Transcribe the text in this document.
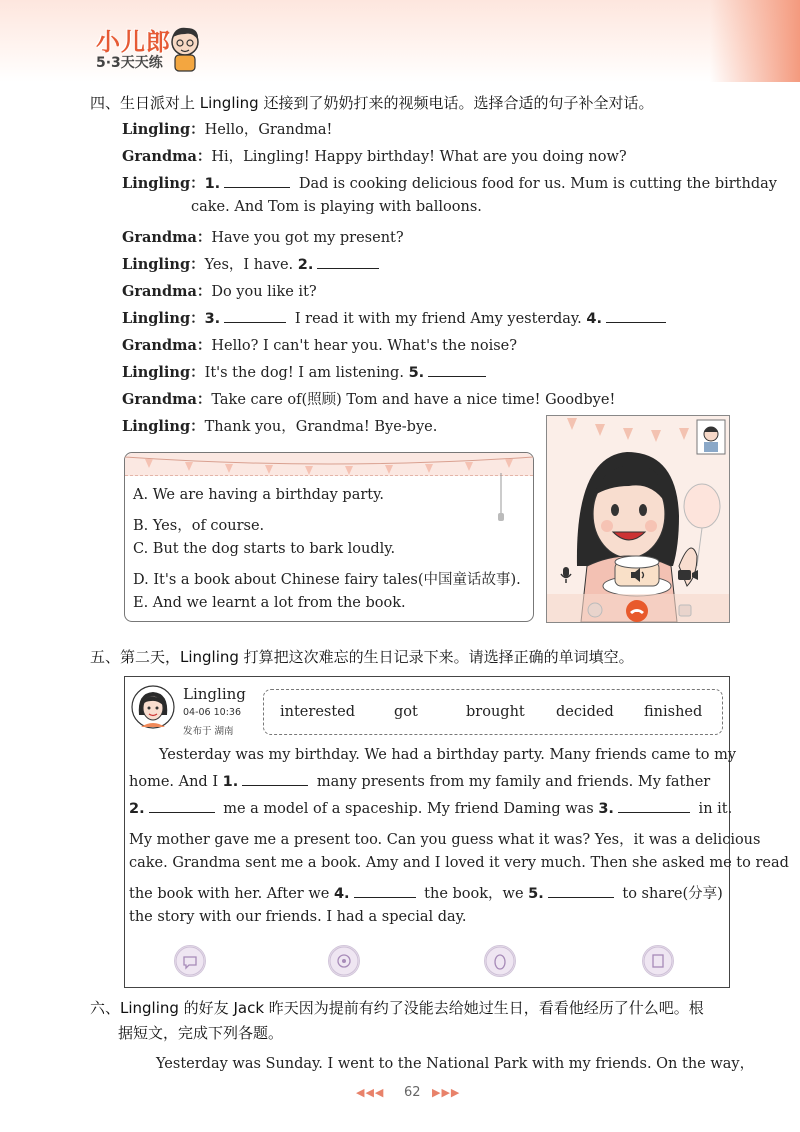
小儿郎
5·3天天练
四、生日派对上 Lingling 还接到了奶奶打来的视频电话。选择合适的句子补全对话。
Lingling：Hello，Grandma!
Grandma：Hi，Lingling! Happy birthday! What are you doing now?
Lingling：1.	Dad is cooking delicious food for us. Mum is cutting the birthday
cake. And Tom is playing with balloons.
Grandma：Have you got my present?
Lingling：Yes，I have. 2.
Grandma：Do you like it?
Lingling：3.	I read it with my friend Amy yesterday. 4.
Grandma：Hello? I can't hear you. What's the noise?
Lingling：It's the dog! I am listening. 5.
Grandma：Take care of(照顾) Tom and have a nice time! Goodbye!
Lingling：Thank you，Grandma! Bye-bye.
A. We are having a birthday party.
B. Yes，of course.
C. But the dog starts to bark loudly.
D. It's a book about Chinese fairy tales(中国童话故事).
E. And we learnt a lot from the book.
五、第二天，Lingling 打算把这次难忘的生日记录下来。请选择正确的单词填空。
Lingling
04-06 10:36
发布于 湖南
interested	got	brought decided finished
Yesterday was my birthday. We had a birthday party. Many friends came to my
home. And I 1.	many presents from my family and friends. My father
2.	me a model of a spaceship. My friend Daming was 3.	in it.
My mother gave me a present too. Can you guess what it was? Yes，it was a delicious
cake. Grandma sent me a book. Amy and I loved it very much. Then she asked me to read
the book with her. After we 4.	the book，we 5.	to share(分享)
the story with our friends. I had a special day.
六、Lingling 的好友 Jack 昨天因为提前有约了没能去给她过生日，看看他经历了什么吧。根
据短文，完成下列各题。
Yesterday was Sunday. I went to the National Park with my friends. On the way，
◀◀◀ 62 ▶▶▶
